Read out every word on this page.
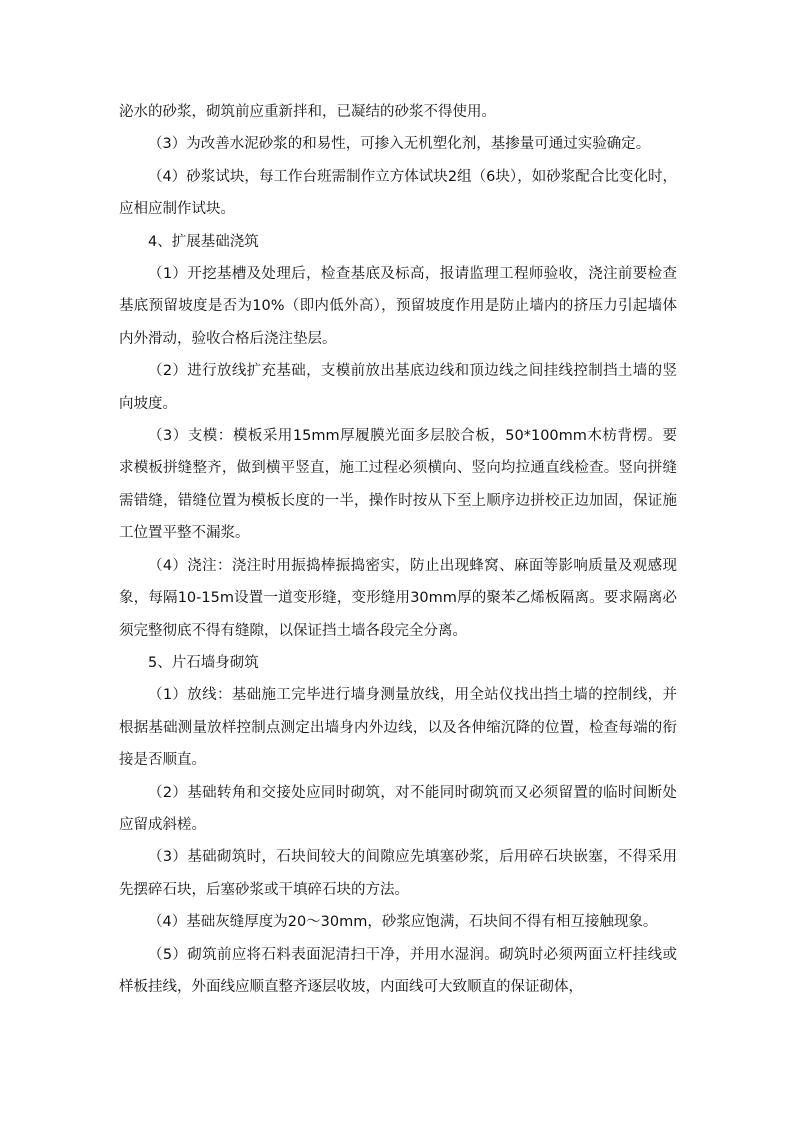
泌水的砂浆，砌筑前应重新拌和，已凝结的砂浆不得使用。

（3）为改善水泥砂浆的和易性，可掺入无机塑化剂，基掺量可通过实验确定。

（4）砂浆试块，每工作台班需制作立方体试块2组（6块），如砂浆配合比变化时，应相应制作试块。

4、扩展基础浇筑

（1）开挖基槽及处理后，检查基底及标高，报请监理工程师验收，浇注前要检查基底预留坡度是否为10%（即内低外高），预留坡度作用是防止墙内的挤压力引起墙体内外滑动，验收合格后浇注垫层。

（2）进行放线扩充基础，支模前放出基底边线和顶边线之间挂线控制挡土墙的竖向坡度。

（3）支模：模板采用15mm厚履膜光面多层胶合板，50*100mm木枋背楞。要求模板拼缝整齐，做到横平竖直，施工过程必须横向、竖向均拉通直线检查。竖向拼缝需错缝，错缝位置为模板长度的一半，操作时按从下至上顺序边拼校正边加固，保证施工位置平整不漏浆。

（4）浇注：浇注时用振捣棒振捣密实，防止出现蜂窝、麻面等影响质量及观感现象，每隔10-15m设置一道变形缝，变形缝用30mm厚的聚苯乙烯板隔离。要求隔离必须完整彻底不得有缝隙，以保证挡土墙各段完全分离。

5、片石墙身砌筑

（1）放线：基础施工完毕进行墙身测量放线，用全站仪找出挡土墙的控制线，并根据基础测量放样控制点测定出墙身内外边线，以及各伸缩沉降的位置，检查每端的衔接是否顺直。

（2）基础转角和交接处应同时砌筑，对不能同时砌筑而又必须留置的临时间断处应留成斜槎。

（3）基础砌筑时，石块间较大的间隙应先填塞砂浆，后用碎石块嵌塞，不得采用先摆碎石块，后塞砂浆或干填碎石块的方法。

（4）基础灰缝厚度为20～30mm，砂浆应饱满，石块间不得有相互接触现象。

（5）砌筑前应将石料表面泥清扫干净，并用水湿润。砌筑时必须两面立杆挂线或样板挂线，外面线应顺直整齐逐层收坡，内面线可大致顺直的保证砌体，
